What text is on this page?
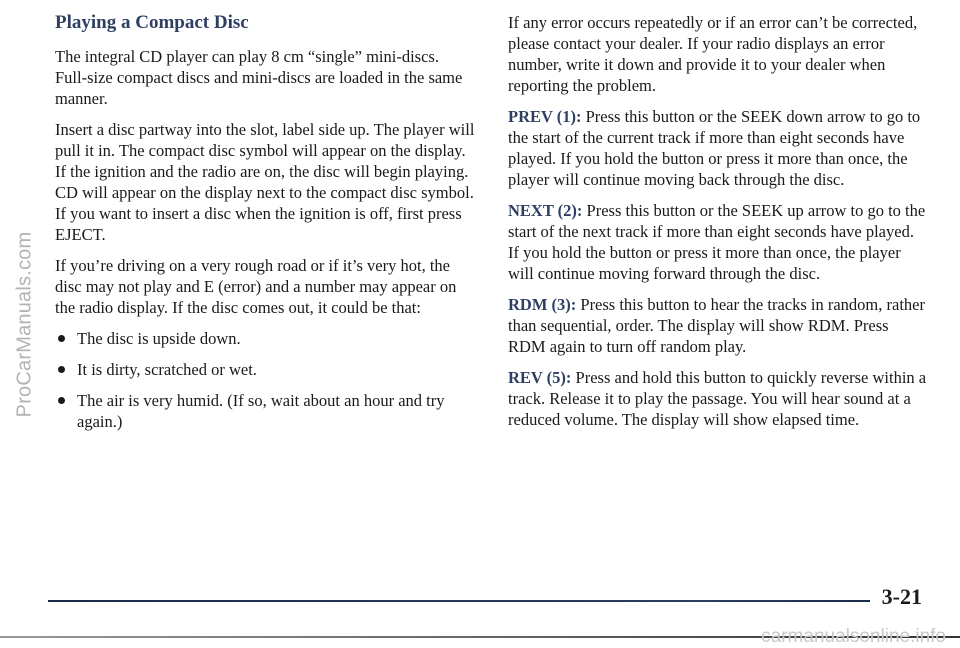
ProCarManuals.com
Playing a Compact Disc

The integral CD player can play 8 cm “single” mini-discs. Full-size compact discs and mini-discs are loaded in the same manner.

Insert a disc partway into the slot, label side up. The player will pull it in. The compact disc symbol will appear on the display. If the ignition and the radio are on, the disc will begin playing. CD will appear on the display next to the compact disc symbol. If you want to insert a disc when the ignition is off, first press EJECT.

If you’re driving on a very rough road or if it’s very hot, the disc may not play and E (error) and a number may appear on the radio display. If the disc comes out, it could be that:

The disc is upside down.
It is dirty, scratched or wet.
The air is very humid. (If so, wait about an hour and try again.)

If any error occurs repeatedly or if an error can’t be corrected, please contact your dealer. If your radio displays an error number, write it down and provide it to your dealer when reporting the problem.

PREV (1): Press this button or the SEEK down arrow to go to the start of the current track if more than eight seconds have played. If you hold the button or press it more than once, the player will continue moving back through the disc.

NEXT (2): Press this button or the SEEK up arrow to go to the start of the next track if more than eight seconds have played. If you hold the button or press it more than once, the player will continue moving forward through the disc.

RDM (3): Press this button to hear the tracks in random, rather than sequential, order. The display will show RDM. Press RDM again to turn off random play.

REV (5): Press and hold this button to quickly reverse within a track. Release it to play the passage. You will hear sound at a reduced volume. The display will show elapsed time.

3-21
carmanualsonline.info
